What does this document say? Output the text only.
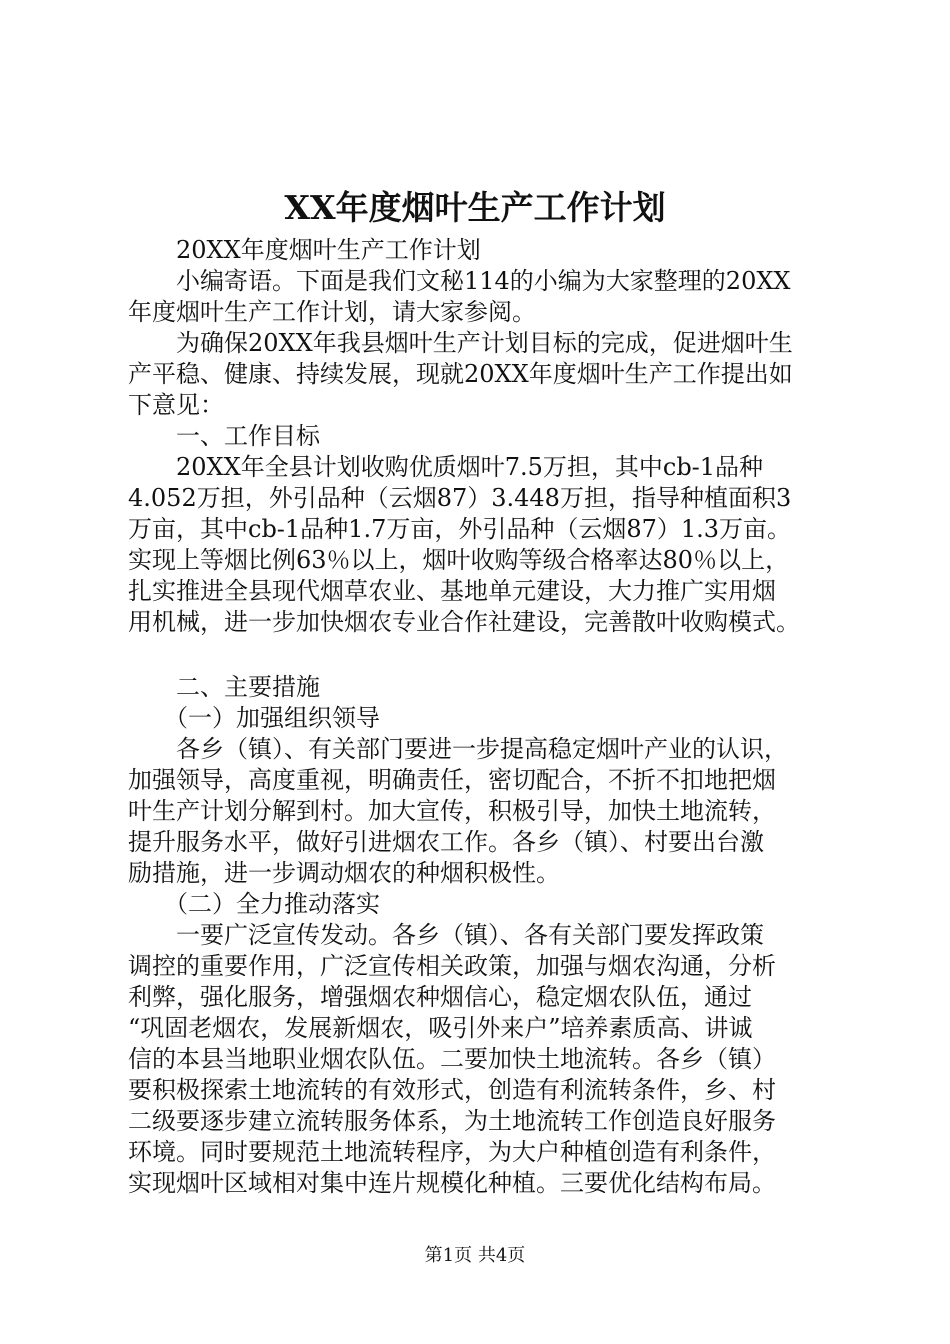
XX年度烟叶生产工作计划
　　20XX年度烟叶生产工作计划
　　小编寄语。下面是我们文秘114的小编为大家整理的20XX
年度烟叶生产工作计划，请大家参阅。
　　为确保20XX年我县烟叶生产计划目标的完成，促进烟叶生
产平稳、健康、持续发展，现就20XX年度烟叶生产工作提出如
下意见：
　　一、工作目标
　　20XX年全县计划收购优质烟叶7.5万担，其中cb-1品种
4.052万担，外引品种（云烟87）3.448万担，指导种植面积3
万亩，其中cb-1品种1.7万亩，外引品种（云烟87）1.3万亩。
实现上等烟比例63％以上，烟叶收购等级合格率达80％以上，
扎实推进全县现代烟草农业、基地单元建设，大力推广实用烟
用机械，进一步加快烟农专业合作社建设，完善散叶收购模式。
　　二、主要措施
　　（一）加强组织领导
　　各乡（镇）、有关部门要进一步提高稳定烟叶产业的认识，
加强领导，高度重视，明确责任，密切配合，不折不扣地把烟
叶生产计划分解到村。加大宣传，积极引导，加快土地流转，
提升服务水平，做好引进烟农工作。各乡（镇）、村要出台激
励措施，进一步调动烟农的种烟积极性。
　　（二）全力推动落实
　　一要广泛宣传发动。各乡（镇）、各有关部门要发挥政策
调控的重要作用，广泛宣传相关政策，加强与烟农沟通，分析
利弊，强化服务，增强烟农种烟信心，稳定烟农队伍，通过
“巩固老烟农，发展新烟农，吸引外来户”培养素质高、讲诚
信的本县当地职业烟农队伍。二要加快土地流转。各乡（镇）
要积极探索土地流转的有效形式，创造有利流转条件，乡、村
二级要逐步建立流转服务体系，为土地流转工作创造良好服务
环境。同时要规范土地流转程序，为大户种植创造有利条件，
实现烟叶区域相对集中连片规模化种植。三要优化结构布局。
第1页 共4页
